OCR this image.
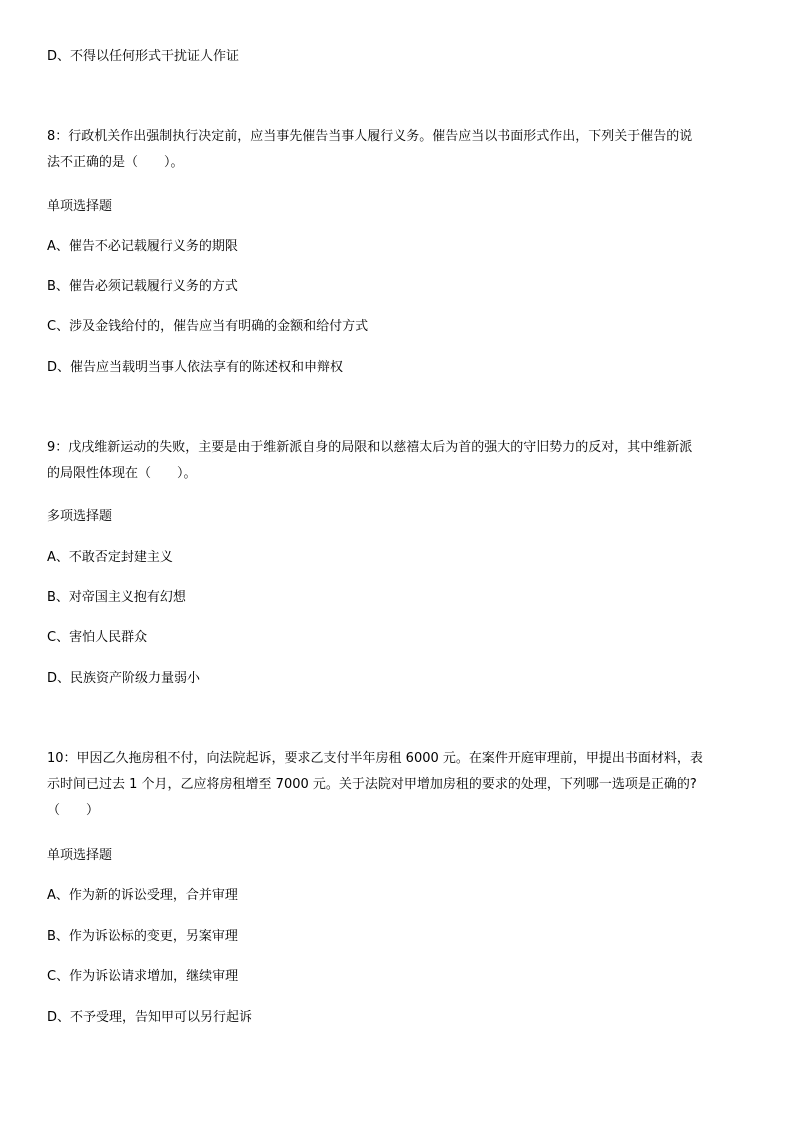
D、不得以任何形式干扰证人作证

8：行政机关作出强制执行决定前，应当事先催告当事人履行义务。催告应当以书面形式作出，下列关于催告的说
法不正确的是（　　）。

单项选择题

A、催告不必记载履行义务的期限

B、催告必须记载履行义务的方式

C、涉及金钱给付的，催告应当有明确的金额和给付方式

D、催告应当载明当事人依法享有的陈述权和申辩权

9：戊戌维新运动的失败，主要是由于维新派自身的局限和以慈禧太后为首的强大的守旧势力的反对，其中维新派
的局限性体现在（　　）。

多项选择题

A、不敢否定封建主义

B、对帝国主义抱有幻想

C、害怕人民群众

D、民族资产阶级力量弱小

10：甲因乙久拖房租不付，向法院起诉，要求乙支付半年房租 6000 元。在案件开庭审理前，甲提出书面材料，表
示时间已过去 1 个月，乙应将房租增至 7000 元。关于法院对甲增加房租的要求的处理，下列哪一选项是正确的?
（　　）

单项选择题

A、作为新的诉讼受理，合并审理

B、作为诉讼标的变更，另案审理

C、作为诉讼请求增加，继续审理

D、不予受理，告知甲可以另行起诉
